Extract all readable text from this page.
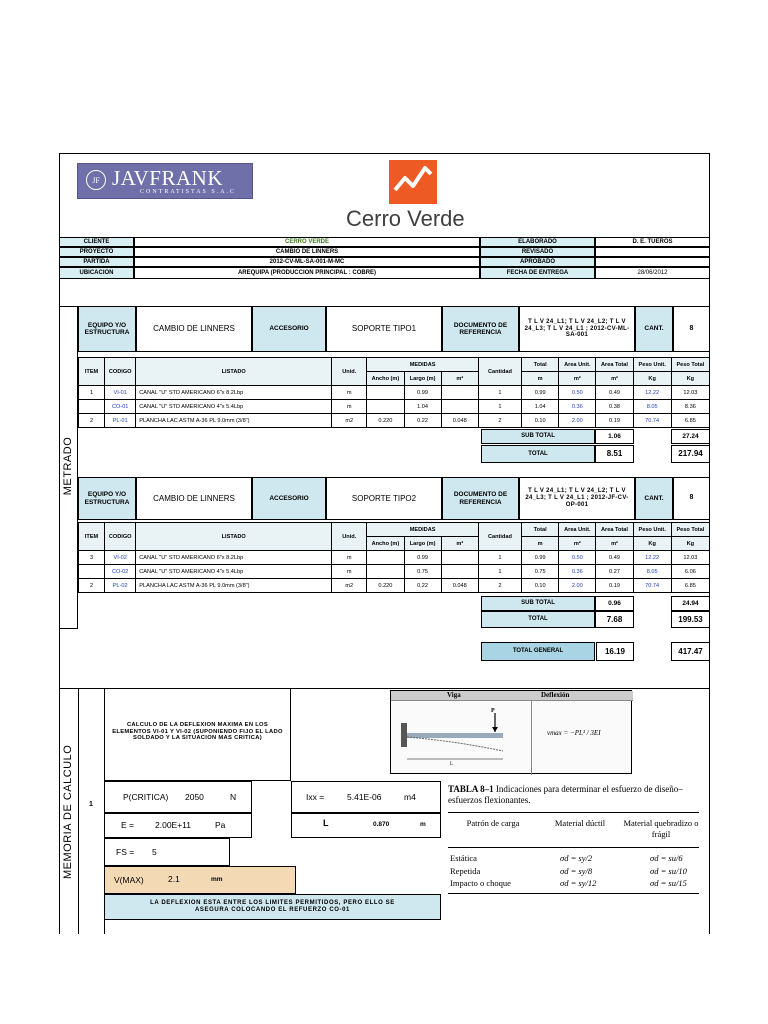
JF JAVFRANK
CONTRATISTAS S.A.C
Cerro Verde
CLIENTE	CERRO VERDE	ELABORADO	D. E. TUEROS
PROYECTO	CAMBIO DE LINNERS	REVISADO
PARTIDA	2012-CV-ML-SA-001-M-MC	APROBADO
UBICACION	AREQUIPA (PRODUCCION PRINCIPAL : COBRE)	FECHA DE ENTREGA	28/06/2012
METRADO
EQUIPO Y/O ESTRUCTURA	CAMBIO DE LINNERS	ACCESORIO	SOPORTE TIPO1	DOCUMENTO DE REFERENCIA
T L V 24_L1; T L V 24_L2; T L V 24_L3; T L V 24_L1 ; 2012-CV-ML-SA-001
CANT.	8
ITEM	CODIGO	LISTADO	Unid.	MEDIDAS			Cantidad	Total	Area Unit.	Area Total	Peso Unit.	Peso Total
				Ancho (m)	Largo (m)	m²		m	m²	m²	Kg	Kg
1	VI-01	CANAL "U" STD AMERICANO 6"x 8.2Lbp	m		0.99		1	0.99	0.50	0.49	12.22	12.03
	CO-01	CANAL "U" STD AMERICANO 4"x 5.4Lbp	m		1.04		1	1.04	0.36	0.38	8.05	8.36
2	PL-01	PLANCHA LAC ASTM A-36 PL 9.0mm (3/8")	m2	0.220	0.22	0.048	2	0.10	2.00	0.19	70.74	6.85
SUB TOTAL	1.06	27.24
TOTAL	8.51	217.94
EQUIPO Y/O ESTRUCTURA	CAMBIO DE LINNERS	ACCESORIO	SOPORTE TIPO2	DOCUMENTO DE REFERENCIA
T L V 24_L1; T L V 24_L2; T L V 24_L3; T L V 24_L1 ; 2012-JF-CV-OP-001
CANT.	8
ITEM	CODIGO	LISTADO	Unid.	MEDIDAS			Cantidad	Total	Area Unit.	Area Total	Peso Unit.	Peso Total
				Ancho (m)	Largo (m)	m²		m	m²	m²	Kg	Kg
3	VI-02	CANAL "U" STD AMERICANO 6"x 8.2Lbp	m		0.99		1	0.99	0.50	0.49	12.22	12.03
	CO-02	CANAL "U" STD AMERICANO 4"x 5.4Lbp	m		0.75		1	0.75	0.36	0.27	8.05	6.06
2	PL-02	PLANCHA LAC ASTM A-36 PL 9.0mm (3/8")	m2	0.220	0.22	0.048	2	0.10	2.00	0.19	70.74	6.85
SUB TOTAL	0.96	24.94
TOTAL	7.68	199.53
TOTAL GENERAL	16.19	417.47
MEMORIA DE CALCULO	1
CALCULO DE LA DEFLEXION MAXIMA EN LOS ELEMENTOS VI-01 Y VI-02 (SUPONIENDO FIJO EL LADO SOLDADO Y LA SITUACION MAS CRITICA)
Viga	Deflexión
P
L
vmax = −PL³ / 3EI
P(CRITICA) 2050	N	Ixx =	5.41E-06	m4
E = 2.00E+11	Pa	L	0.870	m
FS = 5
V(MAX)	2.1	mm
LA DEFLEXION ESTA ENTRE LOS LIMITES PERMITIDOS, PERO ELLO SE ASEGURA COLOCANDO EL REFUERZO CO-01
TABLA 8–1 Indicaciones para determinar el esfuerzo de diseño–esfuerzos flexionantes.
Patrón de carga	Material dúctil	Material quebradizo o frágil
Estática	σd = sy/2	σd = su/6
Repetida	σd = sy/8	σd = su/10
Impacto o choque	σd = sy/12	σd = su/15
